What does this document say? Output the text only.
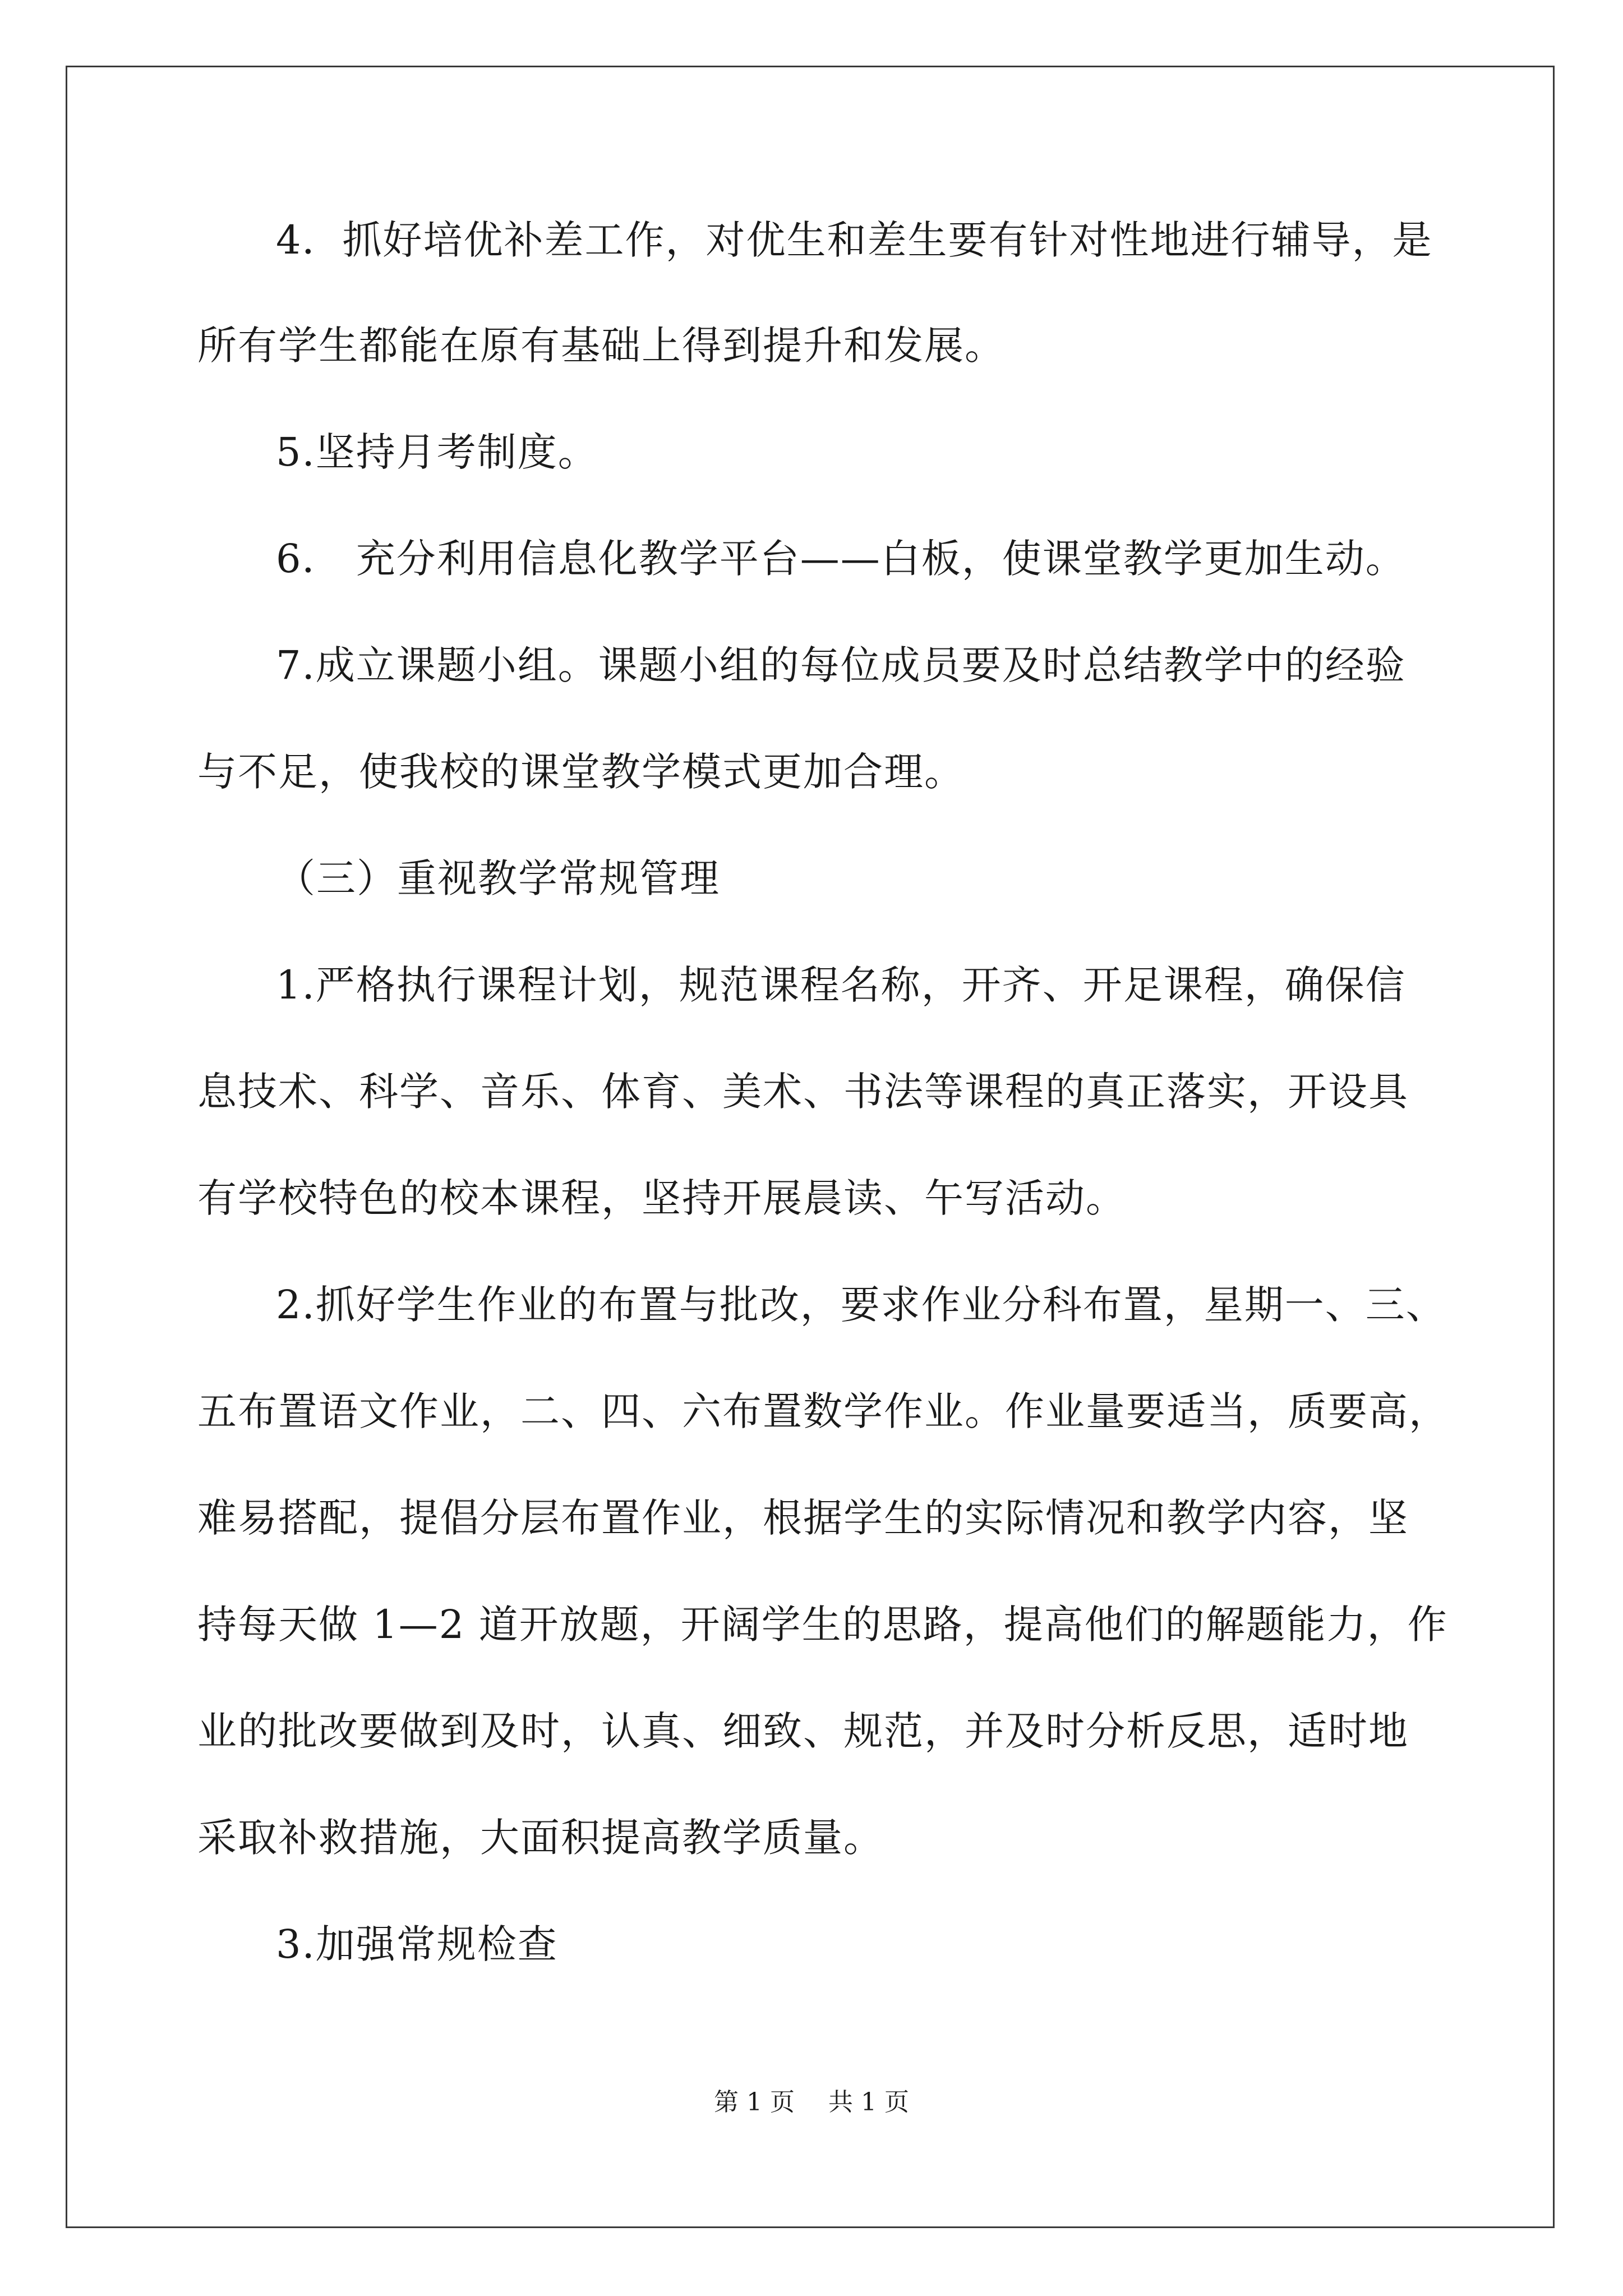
4．抓好培优补差工作，对优生和差生要有针对性地进行辅导，是
所有学生都能在原有基础上得到提升和发展。
5.坚持月考制度。
6． 充分利用信息化教学平台——白板，使课堂教学更加生动。
7.成立课题小组。课题小组的每位成员要及时总结教学中的经验
与不足，使我校的课堂教学模式更加合理。
（三）重视教学常规管理
1.严格执行课程计划，规范课程名称，开齐、开足课程，确保信
息技术、科学、音乐、体育、美术、书法等课程的真正落实，开设具
有学校特色的校本课程，坚持开展晨读、午写活动。
2.抓好学生作业的布置与批改，要求作业分科布置，星期一、三、
五布置语文作业，二、四、六布置数学作业。作业量要适当，质要高，
难易搭配，提倡分层布置作业，根据学生的实际情况和教学内容，坚
持每天做 1—2 道开放题，开阔学生的思路，提高他们的解题能力，作
业的批改要做到及时，认真、细致、规范，并及时分析反思，适时地
采取补救措施，大面积提高教学质量。
3.加强常规检查
第 1 页 共 1 页
